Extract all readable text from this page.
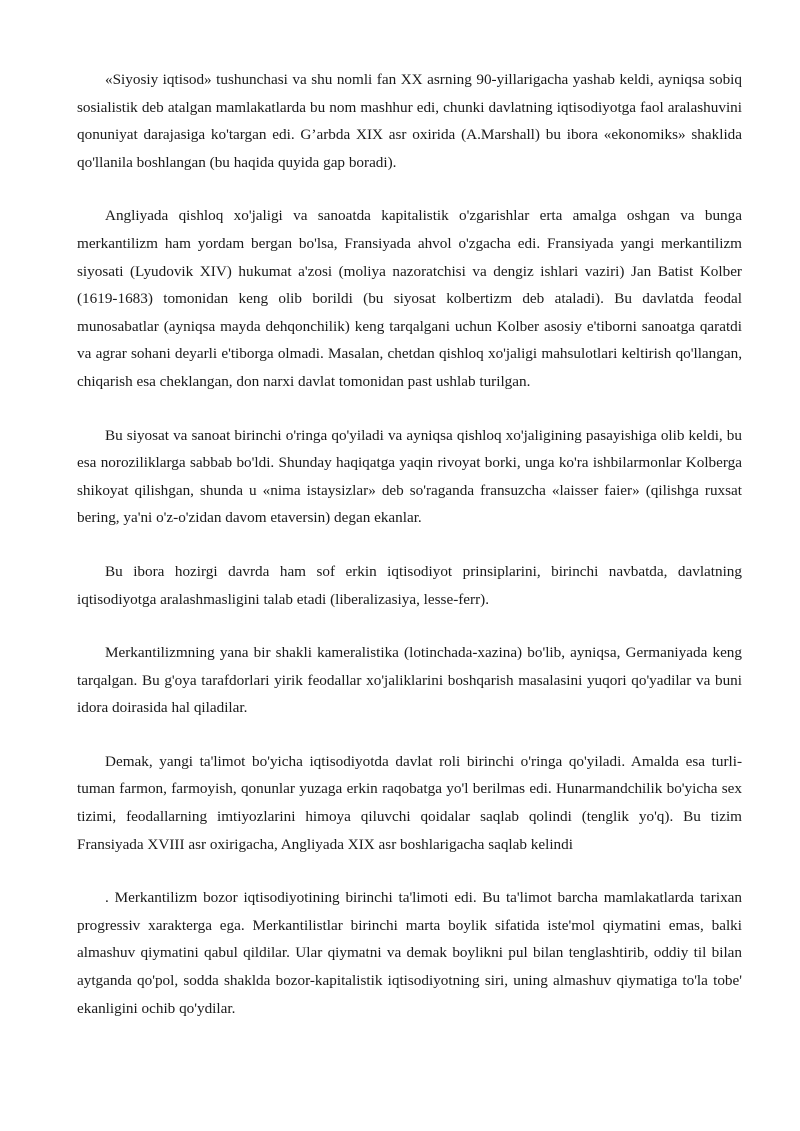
«Siyosiy iqtisod» tushunchasi va shu nomli fan XX asrning 90-yillarigacha yashab keldi, ayniqsa sobiq sosialistik deb atalgan mamlakatlarda bu nom mashhur edi, chunki davlatning iqtisodiyotga faol aralashuvini qonuniyat darajasiga ko'targan edi. G’arbda XIX asr oxirida (A.Marshall) bu ibora «ekonomiks» shaklida qo'llanila boshlangan (bu haqida quyida gap boradi).

Angliyada qishloq xo'jaligi va sanoatda kapitalistik o'zgarishlar erta amalga oshgan va bunga merkantilizm ham yordam bergan bo'lsa, Fransiyada ahvol o'zgacha edi. Fransiyada yangi merkantilizm siyosati (Lyudovik XIV) hukumat a'zosi (moliya nazoratchisi va dengiz ishlari vaziri) Jan Batist Kolber (1619-1683) tomonidan keng olib borildi (bu siyosat kolbertizm deb ataladi). Bu davlatda feodal munosabatlar (ayniqsa mayda dehqonchilik) keng tarqalgani uchun Kolber asosiy e'tiborni sanoatga qaratdi va agrar sohani deyarli e'tiborga olmadi. Masalan, chetdan qishloq xo'jaligi mahsulotlari keltirish qo'llangan, chiqarish esa cheklangan, don narxi davlat tomonidan past ushlab turilgan.

Bu siyosat va sanoat birinchi o'ringa qo'yiladi va ayniqsa qishloq xo'jaligining pasayishiga olib keldi, bu esa noroziliklarga sabbab bo'ldi. Shunday haqiqatga yaqin rivoyat borki, unga ko'ra ishbilarmonlar Kolberga shikoyat qilishgan, shunda u «nima istaysizlar» deb so'raganda fransuzcha «laisser faier» (qilishga ruxsat bering, ya'ni o'z-o'zidan davom etaversin) degan ekanlar.

Bu ibora hozirgi davrda ham sof erkin iqtisodiyot prinsiplarini, birinchi navbatda, davlatning iqtisodiyotga aralashmasligini talab etadi (liberalizasiya, lesse-ferr).

Merkantilizmning yana bir shakli kameralistika (lotinchada-xazina) bo'lib, ayniqsa, Germaniyada keng tarqalgan. Bu g'oya tarafdorlari yirik feodallar xo'jaliklarini boshqarish masalasini yuqori qo'yadilar va buni idora doirasida hal qiladilar.

Demak, yangi ta'limot bo'yicha iqtisodiyotda davlat roli birinchi o'ringa qo'yiladi. Amalda esa turli-tuman farmon, farmoyish, qonunlar yuzaga erkin raqobatga yo'l berilmas edi. Hunarmandchilik bo'yicha sex tizimi, feodallarning imtiyozlarini himoya qiluvchi qoidalar saqlab qolindi (tenglik yo'q). Bu tizim Fransiyada XVIII asr oxirigacha, Angliyada XIX asr boshlarigacha saqlab kelindi

. Merkantilizm bozor iqtisodiyotining birinchi ta'limoti edi. Bu ta'limot barcha mamlakatlarda tarixan progressiv xarakterga ega. Merkantilistlar birinchi marta boylik sifatida iste'mol qiymatini emas, balki almashuv qiymatini qabul qildilar. Ular qiymatni va demak boylikni pul bilan tenglashtirib, oddiy til bilan aytganda qo'pol, sodda shaklda bozor-kapitalistik iqtisodiyotning siri, uning almashuv qiymatiga to'la tobe' ekanligini ochib qo'ydilar.
